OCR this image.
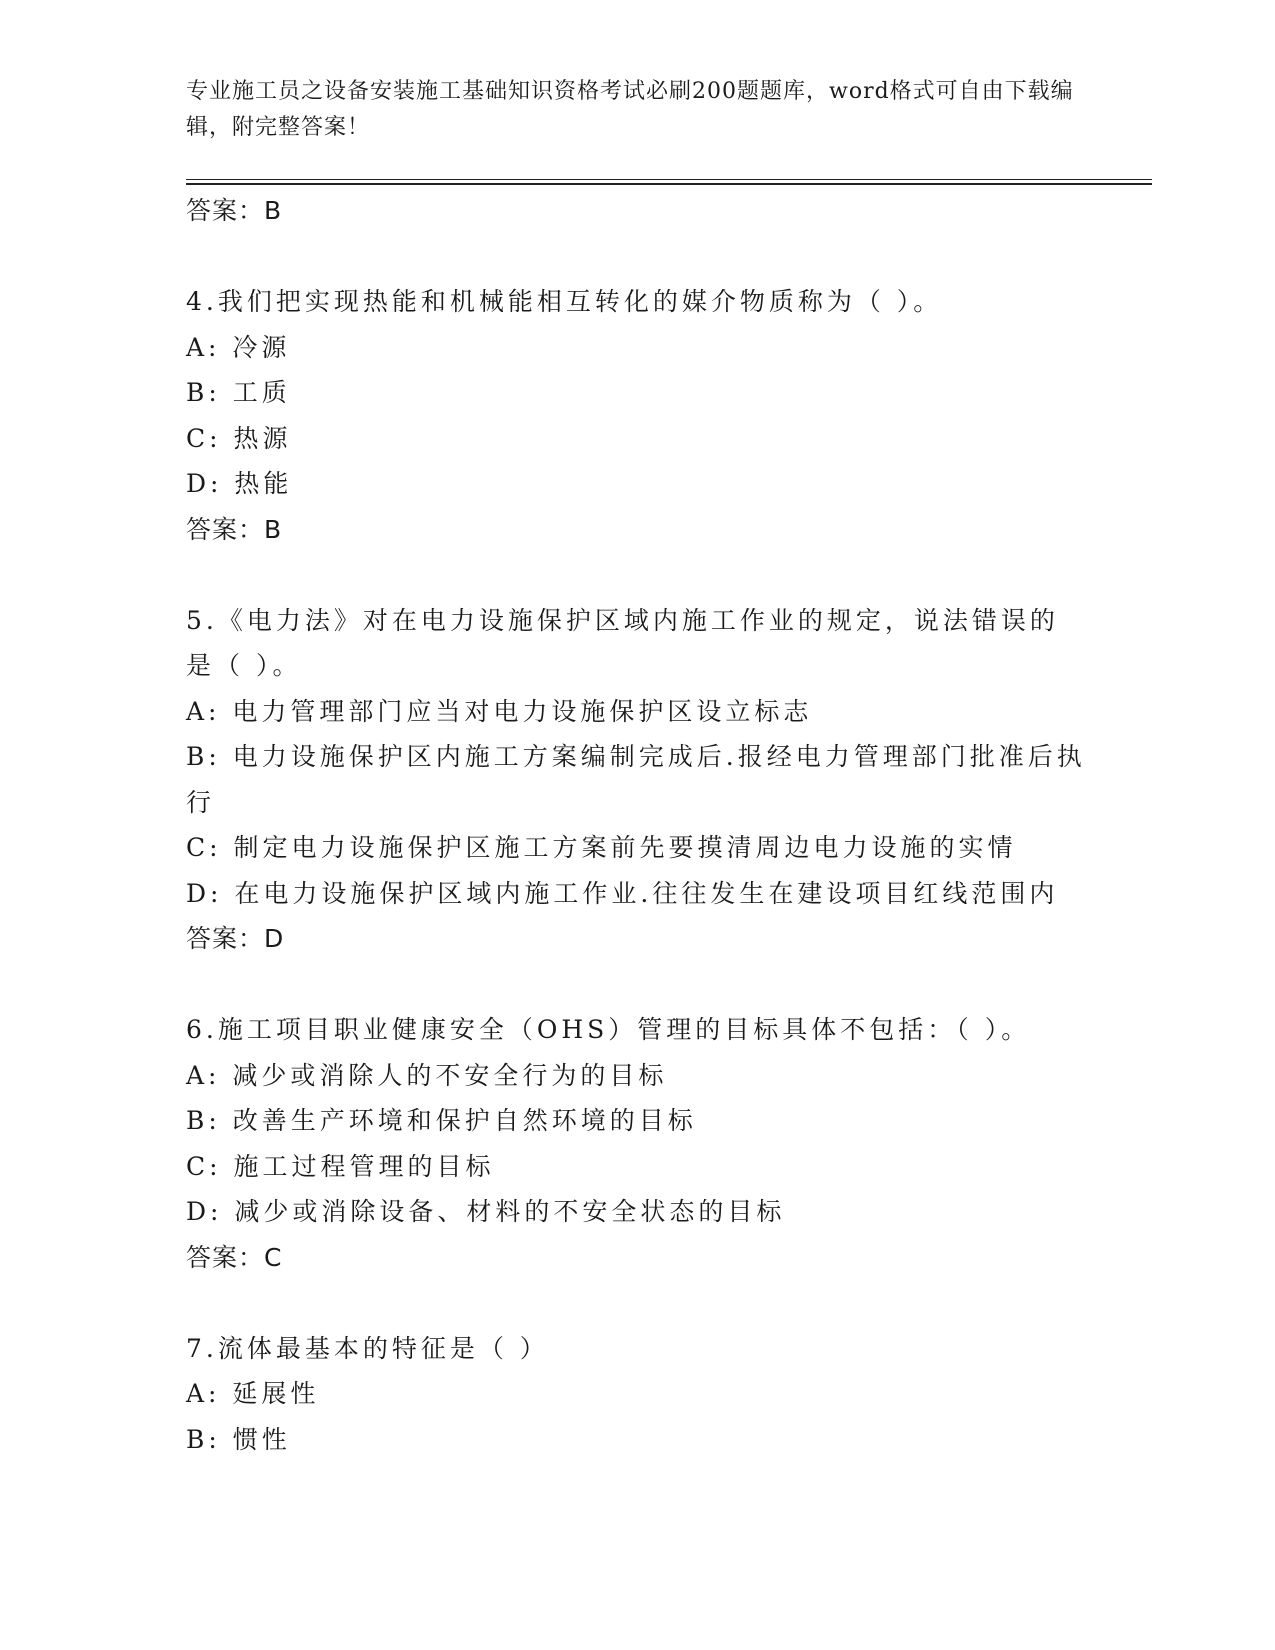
专业施工员之设备安装施工基础知识资格考试必刷200题题库，word格式可自由下载编辑，附完整答案！
答案：B
4.我们把实现热能和机械能相互转化的媒介物质称为（ ）。
A: 冷源
B: 工质
C: 热源
D: 热能
答案：B
5.《电力法》对在电力设施保护区域内施工作业的规定，说法错误的是（ ）。
A: 电力管理部门应当对电力设施保护区设立标志
B: 电力设施保护区内施工方案编制完成后.报经电力管理部门批准后执行
C: 制定电力设施保护区施工方案前先要摸清周边电力设施的实情
D: 在电力设施保护区域内施工作业.往往发生在建设项目红线范围内
答案：D
6.施工项目职业健康安全（OHS）管理的目标具体不包括：（ ）。
A: 减少或消除人的不安全行为的目标
B: 改善生产环境和保护自然环境的目标
C: 施工过程管理的目标
D: 减少或消除设备、材料的不安全状态的目标
答案：C
7.流体最基本的特征是（ ）
A: 延展性
B: 惯性
